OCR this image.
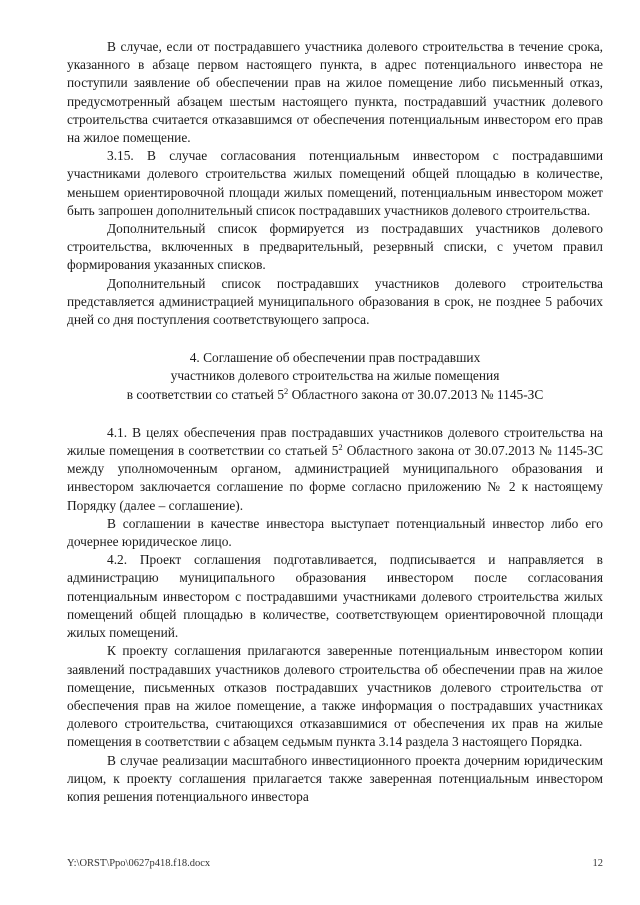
В случае, если от пострадавшего участника долевого строительства в течение срока, указанного в абзаце первом настоящего пункта, в адрес потенциального инвестора не поступили заявление об обеспечении прав на жилое помещение либо письменный отказ, предусмотренный абзацем шестым настоящего пункта, пострадавший участник долевого строительства считается отказавшимся от обеспечения потенциальным инвестором его прав на жилое помещение.

3.15. В случае согласования потенциальным инвестором с пострадавшими участниками долевого строительства жилых помещений общей площадью в количестве, меньшем ориентировочной площади жилых помещений, потенциальным инвестором может быть запрошен дополнительный список пострадавших участников долевого строительства.

Дополнительный список формируется из пострадавших участников долевого строительства, включенных в предварительный, резервный списки, с учетом правил формирования указанных списков.

Дополнительный список пострадавших участников долевого строительства представляется администрацией муниципального образования в срок, не позднее 5 рабочих дней со дня поступления соответствующего запроса.

4. Соглашение об обеспечении прав пострадавших

участников долевого строительства на жилые помещения

в соответствии со статьей $5^2$ Областного закона от 30.07.2013 № 1145-ЗС

4.1. В целях обеспечения прав пострадавших участников долевого строительства на жилые помещения в соответствии со статьей $5^2$ Областного закона от 30.07.2013 № 1145-ЗС между уполномоченным органом, администрацией муниципального образования и инвестором заключается соглашение по форме согласно приложению № 2 к настоящему Порядку (далее – соглашение).

В соглашении в качестве инвестора выступает потенциальный инвестор либо его дочернее юридическое лицо.

4.2. Проект соглашения подготавливается, подписывается и направляется в администрацию муниципального образования инвестором после согласования потенциальным инвестором с пострадавшими участниками долевого строительства жилых помещений общей площадью в количестве, соответствующем ориентировочной площади жилых помещений.

К проекту соглашения прилагаются заверенные потенциальным инвестором копии заявлений пострадавших участников долевого строительства об обеспечении прав на жилое помещение, письменных отказов пострадавших участников долевого строительства от обеспечения прав на жилое помещение, а также информация о пострадавших участниках долевого строительства, считающихся отказавшимися от обеспечения их прав на жилые помещения в соответствии с абзацем седьмым пункта 3.14 раздела 3 настоящего Порядка.

В случае реализации масштабного инвестиционного проекта дочерним юридическим лицом, к проекту соглашения прилагается также заверенная потенциальным инвестором копия решения потенциального инвестора

Y:\ORST\Ppo\0627p418.f18.docx	12
